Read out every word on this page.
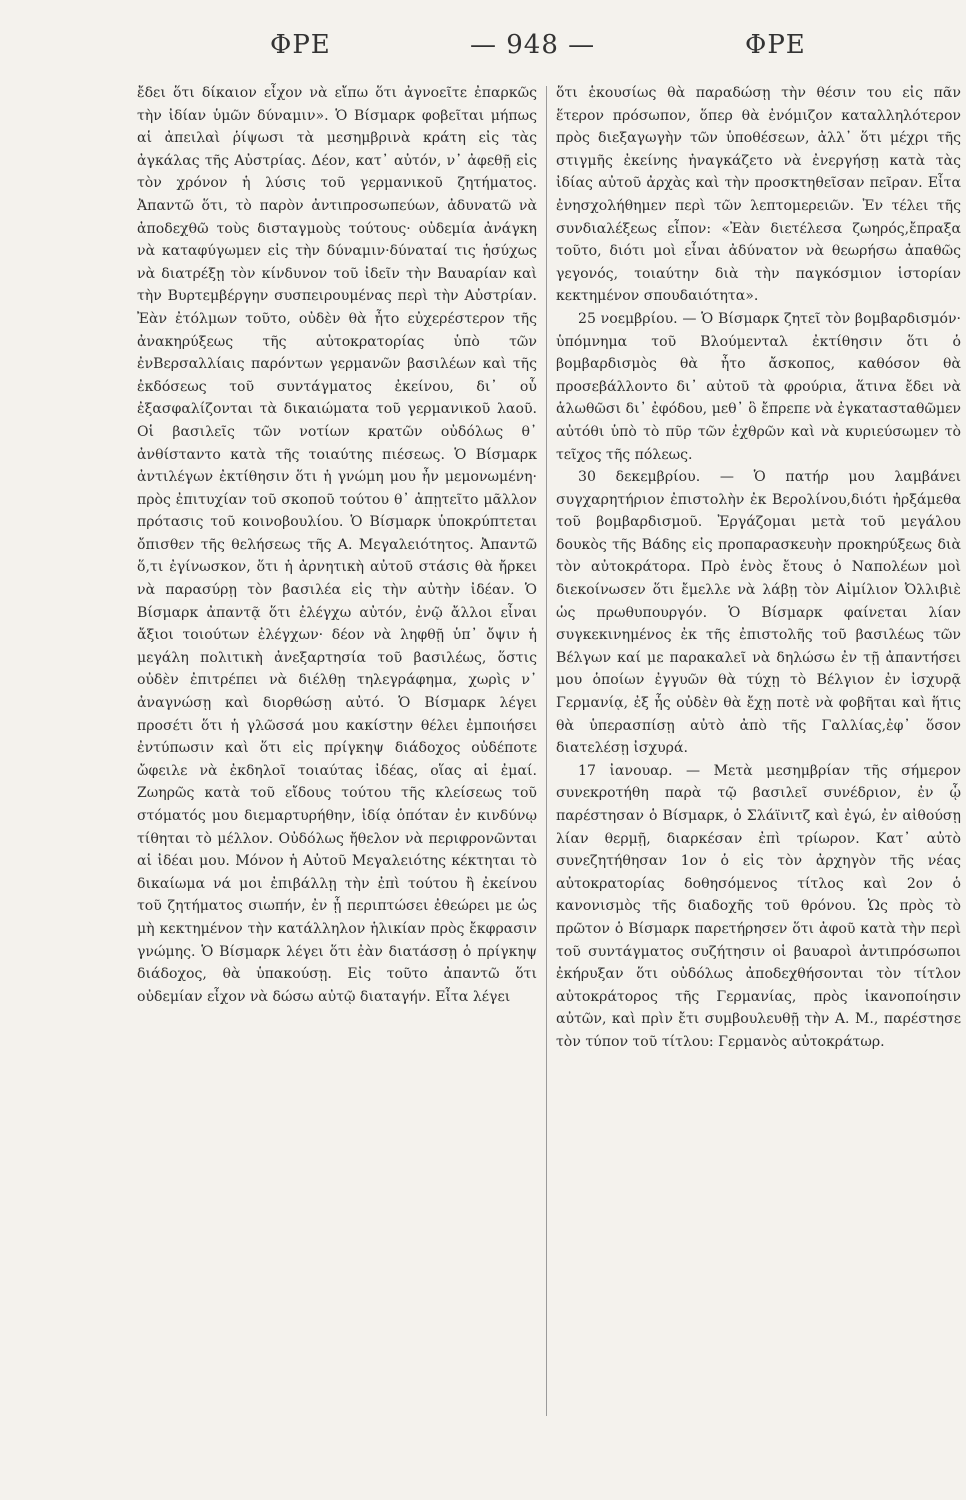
ΦΡΕ	— 948 —	ΦΡΕ

ἔδει ὅτι δίκαιον εἶχον νὰ εἴπω ὅτι ἀγνοεῖτε ἐπαρκῶς τὴν ἰδίαν ὑμῶν δύναμιν». Ὁ Βίσμαρκ φοβεῖται μήπως αἱ ἀπειλαὶ ῥίψωσι τὰ μεσημβρινὰ κράτη εἰς τὰς ἀγκάλας τῆς Αὐστρίας. Δέον, κατ᾽ αὐτόν, ν᾽ ἀφεθῇ εἰς τὸν χρόνον ἡ λύσις τοῦ γερμανικοῦ ζητήματος. Ἀπαντῶ ὅτι, τὸ παρὸν ἀντιπροσωπεύων, ἀδυνατῶ νὰ ἀποδεχθῶ τοὺς δισταγμοὺς τούτους· οὐδεμία ἀνάγκη νὰ καταφύγωμεν εἰς τὴν δύναμιν·δύναταί τις ἡσύχως νὰ διατρέξῃ τὸν κίνδυνον τοῦ ἰδεῖν τὴν Βαυαρίαν καὶ τὴν Βυρτεμβέργην συσπειρουμένας περὶ τὴν Αὐστρίαν. Ἐὰν ἐτόλμων τοῦτο, οὐδὲν θὰ ἦτο εὐχερέστερον τῆς ἀνακηρύξεως τῆς αὐτοκρατορίας ὑπὸ τῶν ἐνΒερσαλλίαις παρόντων γερμανῶν βασιλέων καὶ τῆς ἐκδόσεως τοῦ συντάγματος ἐκείνου, δι᾽ οὗ ἐξασφαλίζονται τὰ δικαιώματα τοῦ γερμανικοῦ λαοῦ. Οἱ βασιλεῖς τῶν νοτίων κρατῶν οὐδόλως θ᾽ ἀνθίσταντο κατὰ τῆς τοιαύτης πιέσεως. Ὁ Βίσμαρκ ἀντιλέγων ἐκτίθησιν ὅτι ἡ γνώμη μου ἦν μεμονωμένη· πρὸς ἐπιτυχίαν τοῦ σκοποῦ τούτου θ᾽ ἀπῃτεῖτο μᾶλλον πρότασις τοῦ κοινοβουλίου. Ὁ Βίσμαρκ ὑποκρύπτεται ὄπισθεν τῆς θελήσεως τῆς Α. Μεγαλειότητος. Ἀπαντῶ ὅ,τι ἐγίνωσκον, ὅτι ἡ ἀρνητικὴ αὐτοῦ στάσις θὰ ἤρκει νὰ παρασύρῃ τὸν βασιλέα εἰς τὴν αὐτὴν ἰδέαν. Ὁ Βίσμαρκ ἀπαντᾷ ὅτι ἐλέγχω αὐτόν, ἐνῷ ἄλλοι εἶναι ἄξιοι τοιούτων ἐλέγχων· δέον νὰ ληφθῇ ὑπ᾽ ὄψιν ἡ μεγάλη πολιτικὴ ἀνεξαρτησία τοῦ βασιλέως, ὅστις οὐδὲν ἐπιτρέπει νὰ διέλθῃ τηλεγράφημα, χωρὶς ν᾽ ἀναγνώσῃ καὶ διορθώσῃ αὐτό. Ὁ Βίσμαρκ λέγει προσέτι ὅτι ἡ γλῶσσά μου κακίστην θέλει ἐμποιήσει ἐντύπωσιν καὶ ὅτι εἰς πρίγκηψ διάδοχος οὐδέποτε ὤφειλε νὰ ἐκδηλοῖ τοιαύτας ἰδέας, οἵας αἱ ἐμαί. Ζωηρῶς κατὰ τοῦ εἴδους τούτου τῆς κλείσεως τοῦ στόματός μου διεμαρτυρήθην, ἰδίᾳ ὁπόταν ἐν κινδύνῳ τίθηται τὸ μέλλον. Οὐδόλως ἤθελον νὰ περιφρονῶνται αἱ ἰδέαι μου. Μόνον ἡ Αὐτοῦ Μεγαλειότης κέκτηται τὸ δικαίωμα νά μοι ἐπιβάλλῃ τὴν ἐπὶ τούτου ἢ ἐκείνου τοῦ ζητήματος σιωπήν, ἐν ᾗ περιπτώσει ἐθεώρει με ὡς μὴ κεκτημένον τὴν κατάλληλον ἡλικίαν πρὸς ἔκφρασιν γνώμης. Ὁ Βίσμαρκ λέγει ὅτι ἐὰν διατάσσῃ ὁ πρίγκηψ διάδοχος, θὰ ὑπακούσῃ. Εἰς τοῦτο ἀπαντῶ ὅτι οὐδεμίαν εἶχον νὰ δώσω αὐτῷ διαταγήν. Εἶτα λέγει

ὅτι ἑκουσίως θὰ παραδώσῃ τὴν θέσιν του εἰς πᾶν ἕτερον πρόσωπον, ὅπερ θὰ ἐνόμιζον καταλληλότερον πρὸς διεξαγωγὴν τῶν ὑποθέσεων, ἀλλ᾽ ὅτι μέχρι τῆς στιγμῆς ἐκείνης ἠναγκάζετο νὰ ἐνεργήσῃ κατὰ τὰς ἰδίας αὐτοῦ ἀρχὰς καὶ τὴν προσκτηθεῖσαν πεῖραν. Εἶτα ἐνησχολήθημεν περὶ τῶν λεπτομερειῶν. Ἐν τέλει τῆς συνδιαλέξεως εἶπον: «Ἐὰν διετέλεσα ζωηρός,ἔπραξα τοῦτο, διότι μοὶ εἶναι ἀδύνατον νὰ θεωρήσω ἀπαθῶς γεγονός, τοιαύτην διὰ τὴν παγκόσμιον ἱστορίαν κεκτημένον σπουδαιότητα».

25 νοεμβρίου. — Ὁ Βίσμαρκ ζητεῖ τὸν βομβαρδισμόν· ὑπόμνημα τοῦ Βλούμενταλ ἐκτίθησιν ὅτι ὁ βομβαρδισμὸς θὰ ἦτο ἄσκοπος, καθόσον θὰ προσεβάλλοντο δι᾽ αὐτοῦ τὰ φρούρια, ἅτινα ἔδει νὰ ἁλωθῶσι δι᾽ ἐφόδου, μεθ᾽ ὃ ἔπρεπε νὰ ἐγκατασταθῶμεν αὐτόθι ὑπὸ τὸ πῦρ τῶν ἐχθρῶν καὶ νὰ κυριεύσωμεν τὸ τεῖχος τῆς πόλεως.

30 δεκεμβρίου. — Ὁ πατήρ μου λαμβάνει συγχαρητήριον ἐπιστολὴν ἐκ Βερολίνου,διότι ἠρξάμεθα τοῦ βομβαρδισμοῦ. Ἐργάζομαι μετὰ τοῦ μεγάλου δουκὸς τῆς Βάδης εἰς προπαρασκευὴν προκηρύξεως διὰ τὸν αὐτοκράτορα. Πρὸ ἑνὸς ἔτους ὁ Ναπολέων μοὶ διεκοίνωσεν ὅτι ἔμελλε νὰ λάβῃ τὸν Αἰμίλιον Ὀλλιβιὲ ὡς πρωθυπουργόν. Ὁ Βίσμαρκ φαίνεται λίαν συγκεκινημένος ἐκ τῆς ἐπιστολῆς τοῦ βασιλέως τῶν Βέλγων καί με παρακαλεῖ νὰ δηλώσω ἐν τῇ ἀπαντήσει μου ὁποίων ἐγγυῶν θὰ τύχῃ τὸ Βέλγιον ἐν ἰσχυρᾷ Γερμανίᾳ, ἐξ ἧς οὐδὲν θὰ ἔχῃ ποτὲ νὰ φοβῆται καὶ ἥτις θὰ ὑπερασπίσῃ αὐτὸ ἀπὸ τῆς Γαλλίας,ἐφ᾽ ὅσον διατελέσῃ ἰσχυρά.

17 ἰανουαρ. — Μετὰ μεσημβρίαν τῆς σήμερον συνεκροτήθη παρὰ τῷ βασιλεῖ συνέδριον, ἐν ᾧ παρέστησαν ὁ Βίσμαρκ, ὁ Σλάϊνιτζ καὶ ἐγώ, ἐν αἰθούσῃ λίαν θερμῇ, διαρκέσαν ἐπὶ τρίωρον. Κατ᾽ αὐτὸ συνεζητήθησαν 1ον ὁ εἰς τὸν ἀρχηγὸν τῆς νέας αὐτοκρατορίας δοθησόμενος τίτλος καὶ 2ον ὁ κανονισμὸς τῆς διαδοχῆς τοῦ θρόνου. Ὡς πρὸς τὸ πρῶτον ὁ Βίσμαρκ παρετήρησεν ὅτι ἀφοῦ κατὰ τὴν περὶ τοῦ συντάγματος συζήτησιν οἱ βαυαροὶ ἀντιπρόσωποι ἐκήρυξαν ὅτι οὐδόλως ἀποδεχθήσονται τὸν τίτλον αὐτοκράτορος τῆς Γερμανίας, πρὸς ἱκανοποίησιν αὐτῶν, καὶ πρὶν ἔτι συμβουλευθῇ τὴν Α. Μ., παρέστησε τὸν τύπον τοῦ τίτλου: Γερμανὸς αὐτοκράτωρ.
